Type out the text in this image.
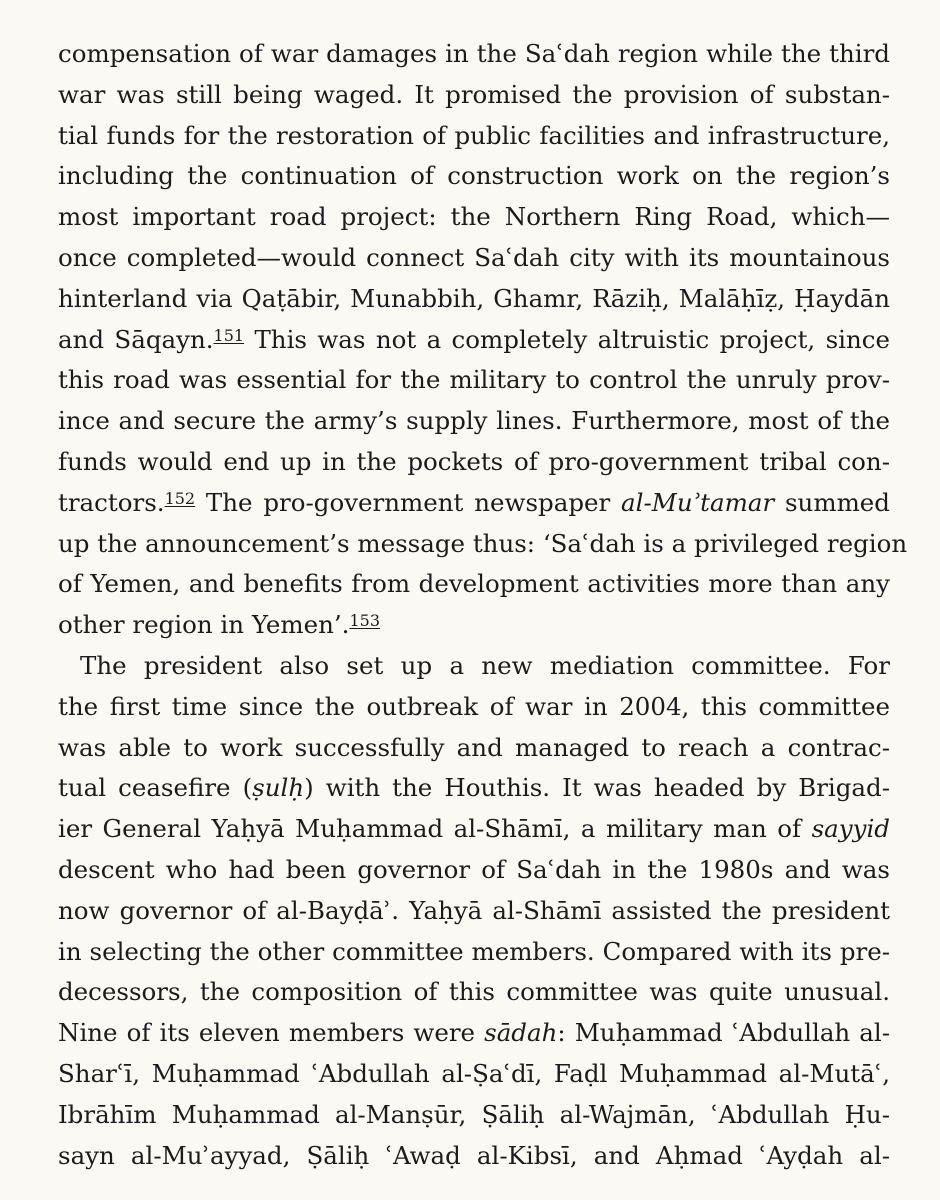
compensation of war damages in the Saʿdah region while the third
war was still being waged. It promised the provision of substan-
tial funds for the restoration of public facilities and infrastructure,
including the continuation of construction work on the region’s
most important road project: the Northern Ring Road, which—
once completed—would connect Saʿdah city with its mountainous
hinterland via Qaṭābir, Munabbih, Ghamr, Rāziḥ, Malāḥīẓ, Ḥaydān
and Sāqayn.$^{151}$ This was not a completely altruistic project, since
this road was essential for the military to control the unruly prov-
ince and secure the army’s supply lines. Furthermore, most of the
funds would end up in the pockets of pro-government tribal con-
tractors.$^{152}$ The pro-government newspaper al-Muʾtamar summed
up the announcement’s message thus: ‘Saʿdah is a privileged region
of Yemen, and benefits from development activities more than any
other region in Yemen’.$^{153}$
The president also set up a new mediation committee. For
the first time since the outbreak of war in 2004, this committee
was able to work successfully and managed to reach a contrac-
tual ceasefire (ṣulḥ) with the Houthis. It was headed by Brigad-
ier General Yaḥyā Muḥammad al-Shāmī, a military man of sayyid
descent who had been governor of Saʿdah in the 1980s and was
now governor of al-Bayḍāʾ. Yaḥyā al-Shāmī assisted the president
in selecting the other committee members. Compared with its pre-
decessors, the composition of this committee was quite unusual.
Nine of its eleven members were sādah: Muḥammad ʿAbdullah al-
Sharʿī, Muḥammad ʿAbdullah al-Ṣaʿdī, Faḍl Muḥammad al-Mutāʿ,
Ibrāhīm Muḥammad al-Manṣūr, Ṣāliḥ al-Wajmān, ʿAbdullah Ḥu-
sayn al-Muʾayyad, Ṣāliḥ ʿAwaḍ al-Kibsī, and Aḥmad ʿAyḍah al-
